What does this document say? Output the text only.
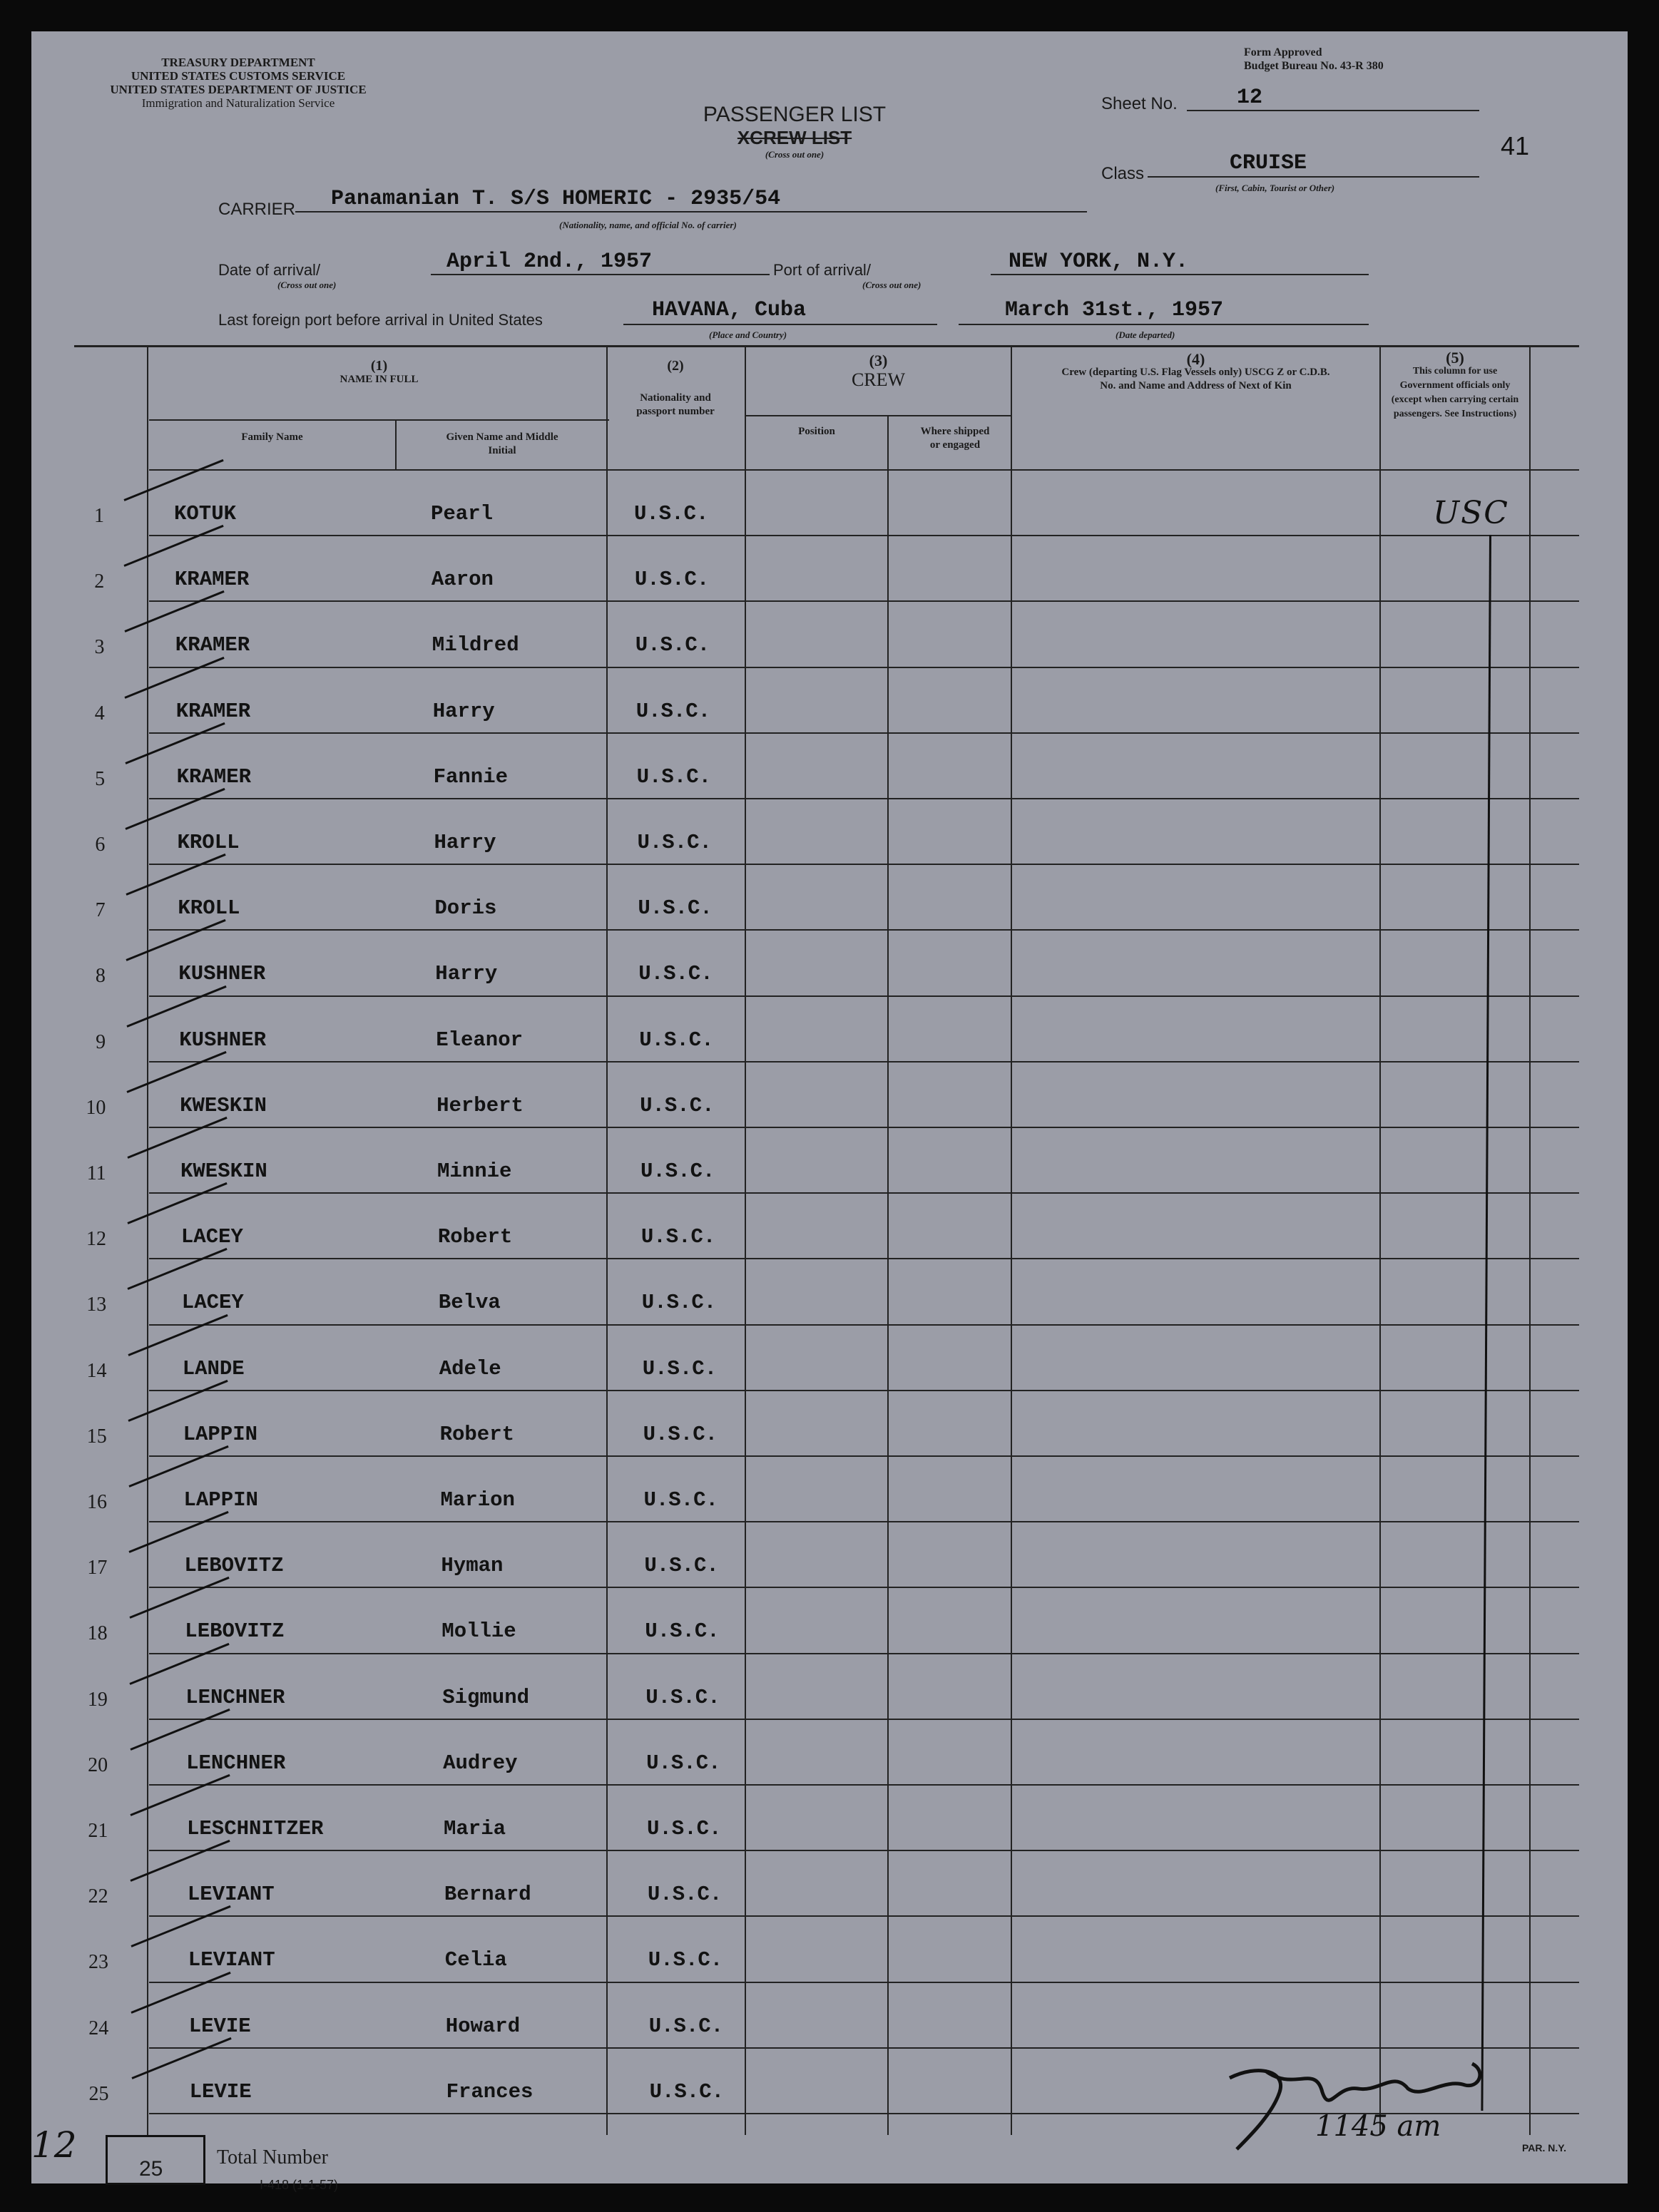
TREASURY DEPARTMENT
UNITED STATES CUSTOMS SERVICE
UNITED STATES DEPARTMENT OF JUSTICE
Immigration and Naturalization Service
Form Approved
Budget Bureau No. 43-R 380
PASSENGER LIST
XCREW LIST
(Cross out one)
Sheet No.	12
41
Class	CRUISE
(First, Cabin, Tourist or Other)
CARRIER Panamanian T. S/S HOMERIC - 2935/54
(Nationality, name, and official No. of carrier)
Date of arrival/	April 2nd., 1957
(Cross out one)
Port of arrival/	NEW YORK, N.Y.
(Cross out one)
Last foreign port before arrival in United States	HAVANA, Cuba
(Place and Country)
March 31st., 1957
(Date departed)
(1)
NAME IN FULL
Family Name	Given Name and Middle Initial
(2)
Nationality and passport number
(3)
CREW
Position	Where shipped or engaged
(4)
Crew (departing U.S. Flag Vessels only) USCG Z or C.D.B. No. and Name and Address of Next of Kin
(5)
This column for use Government officials only (except when carrying certain passengers. See Instructions)
1	KOTUK	Pearl	U.S.C.
2	KRAMER	Aaron	U.S.C.
3	KRAMER	Mildred	U.S.C.
4	KRAMER	Harry	U.S.C.
5	KRAMER	Fannie	U.S.C.
6	KROLL	Harry	U.S.C.
7	KROLL	Doris	U.S.C.
8	KUSHNER	Harry	U.S.C.
9	KUSHNER	Eleanor	U.S.C.
10	KWESKIN	Herbert	U.S.C.
11	KWESKIN	Minnie	U.S.C.
12	LACEY	Robert	U.S.C.
13	LACEY	Belva	U.S.C.
14	LANDE	Adele	U.S.C.
15	LAPPIN	Robert	U.S.C.
16	LAPPIN	Marion	U.S.C.
17	LEBOVITZ	Hyman	U.S.C.
18	LEBOVITZ	Mollie	U.S.C.
19	LENCHNER	Sigmund	U.S.C.
20	LENCHNER	Audrey	U.S.C.
21	LESCHNITZER	Maria	U.S.C.
22	LEVIANT	Bernard	U.S.C.
23	LEVIANT	Celia	U.S.C.
24	LEVIE	Howard	U.S.C.
25	LEVIE	Frances	U.S.C.
USC
1145 am
12
25	Total Number
I-418 (1-1-57)
PAR. N.Y.
